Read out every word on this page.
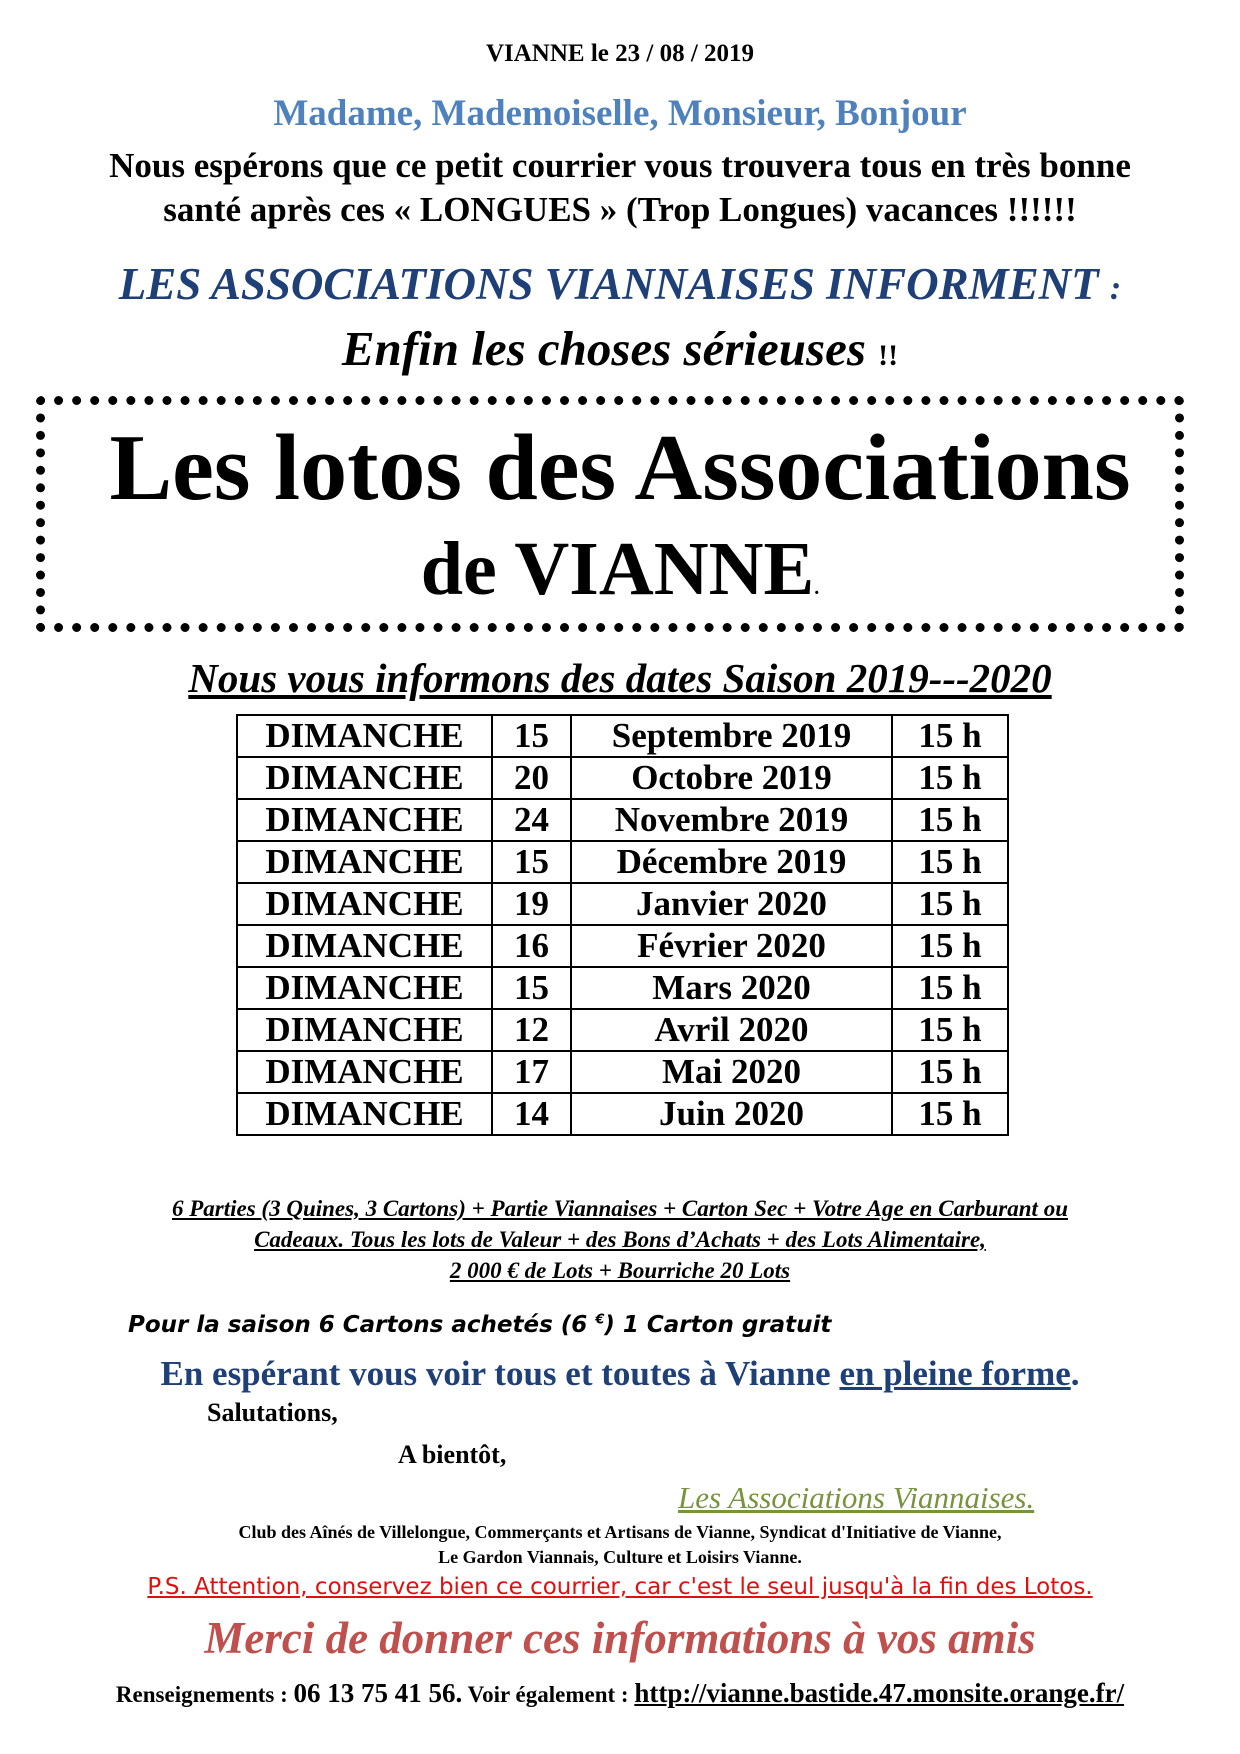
VIANNE le 23 / 08 / 2019
Madame, Mademoiselle, Monsieur, Bonjour
Nous espérons que ce petit courrier vous trouvera tous en très bonne
santé après ces « LONGUES » (Trop Longues) vacances !!!!!!
LES ASSOCIATIONS VIANNAISES INFORMENT :
Enfin les choses sérieuses !!
Les lotos des Associations
de VIANNE.
Nous vous informons des dates Saison 2019---2020
DIMANCHE	15	Septembre 2019	15 h
DIMANCHE	20	Octobre 2019	15 h
DIMANCHE	24	Novembre 2019	15 h
DIMANCHE	15	Décembre 2019	15 h
DIMANCHE	19	Janvier 2020	15 h
DIMANCHE	16	Février 2020	15 h
DIMANCHE	15	Mars 2020	15 h
DIMANCHE	12	Avril 2020	15 h
DIMANCHE	17	Mai 2020	15 h
DIMANCHE	14	Juin 2020	15 h
6 Parties (3 Quines, 3 Cartons) + Partie Viannaises + Carton Sec + Votre Age en Carburant ou
Cadeaux. Tous les lots de Valeur + des Bons d’Achats + des Lots Alimentaire,
2 000 € de Lots + Bourriche 20 Lots
Pour la saison 6 Cartons achetés (6 €) 1 Carton gratuit
En espérant vous voir tous et toutes à Vianne en pleine forme.
Salutations,
A bientôt,
Les Associations Viannaises.
Club des Aînés de Villelongue, Commerçants et Artisans de Vianne, Syndicat d'Initiative de Vianne,
Le Gardon Viannais, Culture et Loisirs Vianne.
P.S. Attention, conservez bien ce courrier, car c'est le seul jusqu'à la fin des Lotos.
Merci de donner ces informations à vos amis
Renseignements : 06 13 75 41 56. Voir également : http://vianne.bastide.47.monsite.orange.fr/
